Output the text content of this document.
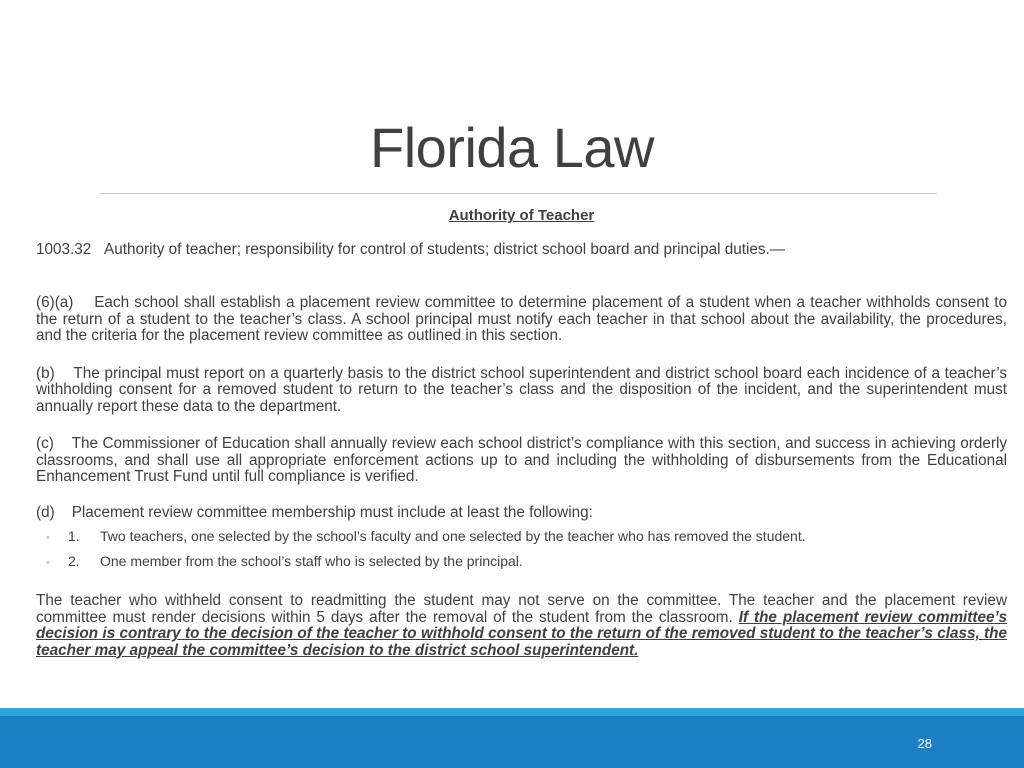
Florida Law

Authority of Teacher

1003.32   Authority of teacher; responsibility for control of students; district school board and principal duties.—

(6)(a)    Each school shall establish a placement review committee to determine placement of a student when a teacher withholds consent to the return of a student to the teacher’s class. A school principal must notify each teacher in that school about the availability, the procedures, and the criteria for the placement review committee as outlined in this section.

(b)    The principal must report on a quarterly basis to the district school superintendent and district school board each incidence of a teacher’s withholding consent for a removed student to return to the teacher’s class and the disposition of the incident, and the superintendent must annually report these data to the department.

(c)    The Commissioner of Education shall annually review each school district’s compliance with this section, and success in achieving orderly classrooms, and shall use all appropriate enforcement actions up to and including the withholding of disbursements from the Educational Enhancement Trust Fund until full compliance is verified.

(d)    Placement review committee membership must include at least the following:

◦	1.	Two teachers, one selected by the school’s faculty and one selected by the teacher who has removed the student.
◦	2.	One member from the school’s staff who is selected by the principal.

The teacher who withheld consent to readmitting the student may not serve on the committee. The teacher and the placement review committee must render decisions within 5 days after the removal of the student from the classroom. If the placement review committee’s decision is contrary to the decision of the teacher to withhold consent to the return of the removed student to the teacher’s class, the teacher may appeal the committee’s decision to the district school superintendent.

28
